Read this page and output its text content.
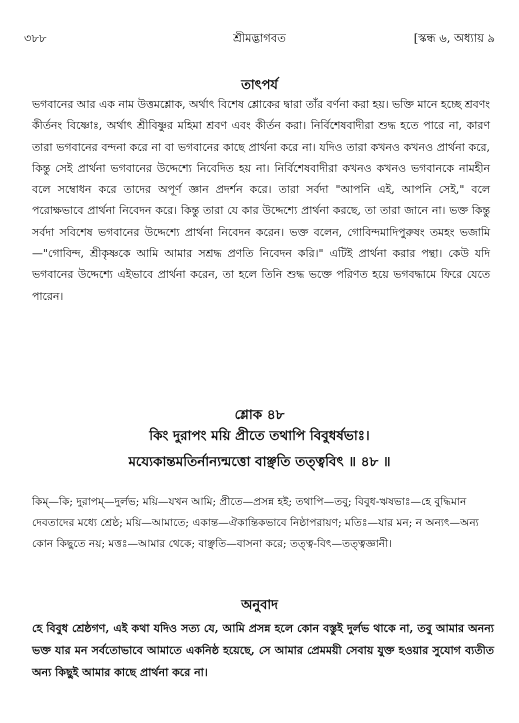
৩৮৮	শ্রীমদ্ভাগবত	[স্কন্ধ ৬, অধ্যায় ৯
তাৎপর্য

ভগবানের আর এক নাম উত্তমশ্লোক, অর্থাৎ বিশেষ শ্লোকের দ্বারা তাঁর বর্ণনা করা হয়। ভক্তি মানে হচ্ছে শ্রবণং কীর্তনং বিষ্ণোঃ, অর্থাৎ শ্রীবিষ্ণুর মহিমা শ্রবণ এবং কীর্তন করা। নির্বিশেষবাদীরা শুদ্ধ হতে পারে না, কারণ তারা ভগবানের বন্দনা করে না বা ভগবানের কাছে প্রার্থনা করে না। যদিও তারা কখনও কখনও প্রার্থনা করে, কিন্তু সেই প্রার্থনা ভগবানের উদ্দেশ্যে নিবেদিত হয় না। নির্বিশেষবাদীরা কখনও কখনও ভগবানকে নামহীন বলে সম্বোধন করে তাদের অপূর্ণ জ্ঞান প্রদর্শন করে। তারা সর্বদা "আপনি এই, আপনি সেই," বলে পরোক্ষভাবে প্রার্থনা নিবেদন করে। কিন্তু তারা যে কার উদ্দেশ্যে প্রার্থনা করছে, তা তারা জানে না। ভক্ত কিন্তু সর্বদা সবিশেষ ভগবানের উদ্দেশ্যে প্রার্থনা নিবেদন করেন। ভক্ত বলেন, গোবিন্দমাদিপুরুষং তমহং ভজামি—"গোবিন্দ, শ্রীকৃষ্ণকে আমি আমার সশ্রদ্ধ প্রণতি নিবেদন করি।" এটিই প্রার্থনা করার পন্থা। কেউ যদি ভগবানের উদ্দেশ্যে এইভাবে প্রার্থনা করেন, তা হলে তিনি শুদ্ধ ভক্তে পরিণত হয়ে ভগবদ্ধামে ফিরে যেতে পারেন।

শ্লোক ৪৮

কিং দুরাপং ময়ি প্রীতে তথাপি বিবুধর্ষভাঃ।

ময্যেকান্তমতির্নান্যন্মত্তো বাঞ্ছতি তত্ত্ববিৎ ॥ ৪৮ ॥

কিম্—কি; দুরাপম্—দুর্লভ; ময়ি—যখন আমি; প্রীতে—প্রসন্ন হই; তথাপি—তবু; বিবুধ-ঋষভাঃ—হে বুদ্ধিমান দেবতাদের মধ্যে শ্রেষ্ঠ; ময়ি—আমাতে; একান্ত—ঐকান্তিকভাবে নিষ্ঠাপরায়ণ; মতিঃ—যার মন; ন অন্যৎ—অন্য কোন কিছুতে নয়; মত্তঃ—আমার থেকে; বাঞ্ছতি—বাসনা করে; তত্ত্ব-বিৎ—তত্ত্বজ্ঞানী।

অনুবাদ

হে বিবুধ শ্রেষ্ঠগণ, এই কথা যদিও সত্য যে, আমি প্রসন্ন হলে কোন বস্তুই দুর্লভ থাকে না, তবু আমার অনন্য ভক্ত যার মন সর্বতোভাবে আমাতে একনিষ্ঠ হয়েছে, সে আমার প্রেমময়ী সেবায় যুক্ত হওয়ার সুযোগ ব্যতীত অন্য কিছুই আমার কাছে প্রার্থনা করে না।
